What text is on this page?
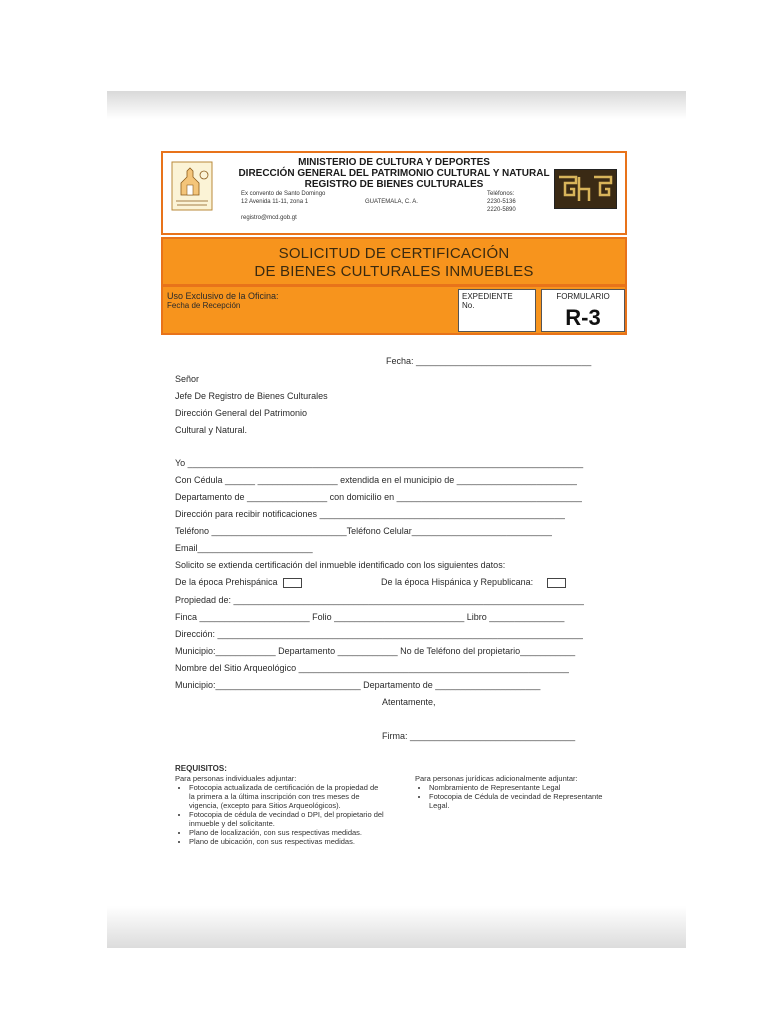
MINISTERIO DE CULTURA Y DEPORTES
DIRECCIÓN GENERAL DEL PATRIMONIO CULTURAL Y NATURAL
REGISTRO DE BIENES CULTURALES
Ex convento de Santo Domingo
12 Avenida 11-11, zona 1	GUATEMALA, C. A.
Teléfonos:
2230-5136
2220-5890
registro@mcd.gob.gt
SOLICITUD DE CERTIFICACIÓN
DE BIENES CULTURALES INMUEBLES
Uso Exclusivo de la Oficina:
Fecha de Recepción
EXPEDIENTE
No.
FORMULARIO
R-3
Fecha: ___________________________________
Señor
Jefe De Registro de Bienes Culturales
Dirección General del Patrimonio
Cultural y Natural.
Yo _______________________________________________________________________________
Con Cédula ______ ________________ extendida en el municipio de ________________________
Departamento de ________________ con domicilio en _____________________________________
Dirección para recibir notificaciones _________________________________________________
Teléfono ___________________________Teléfono Celular____________________________
Email_______________________
Solicito se extienda certificación del inmueble identificado con los siguientes datos:
De la época Prehispánica	De la época Hispánica y Republicana:
Propiedad de: ______________________________________________________________________
Finca ______________________ Folio __________________________ Libro _______________
Dirección: _________________________________________________________________________
Municipio:____________ Departamento ____________ No de Teléfono del propietario___________
Nombre del Sitio Arqueológico ______________________________________________________
Municipio:_____________________________ Departamento de _____________________
Atentamente,
Firma: _________________________________
REQUISITOS:
Para personas individuales adjuntar:
• Fotocopia actualizada de certificación de la propiedad de la primera a la última inscripción con tres meses de vigencia, (excepto para Sitios Arqueológicos).
• Fotocopia de cédula de vecindad o DPI, del propietario del inmueble y del solicitante.
• Plano de localización, con sus respectivas medidas.
• Plano de ubicación, con sus respectivas medidas.
Para personas jurídicas adicionalmente adjuntar:
• Nombramiento de Representante Legal
• Fotocopia de Cédula de vecindad de Representante Legal.
